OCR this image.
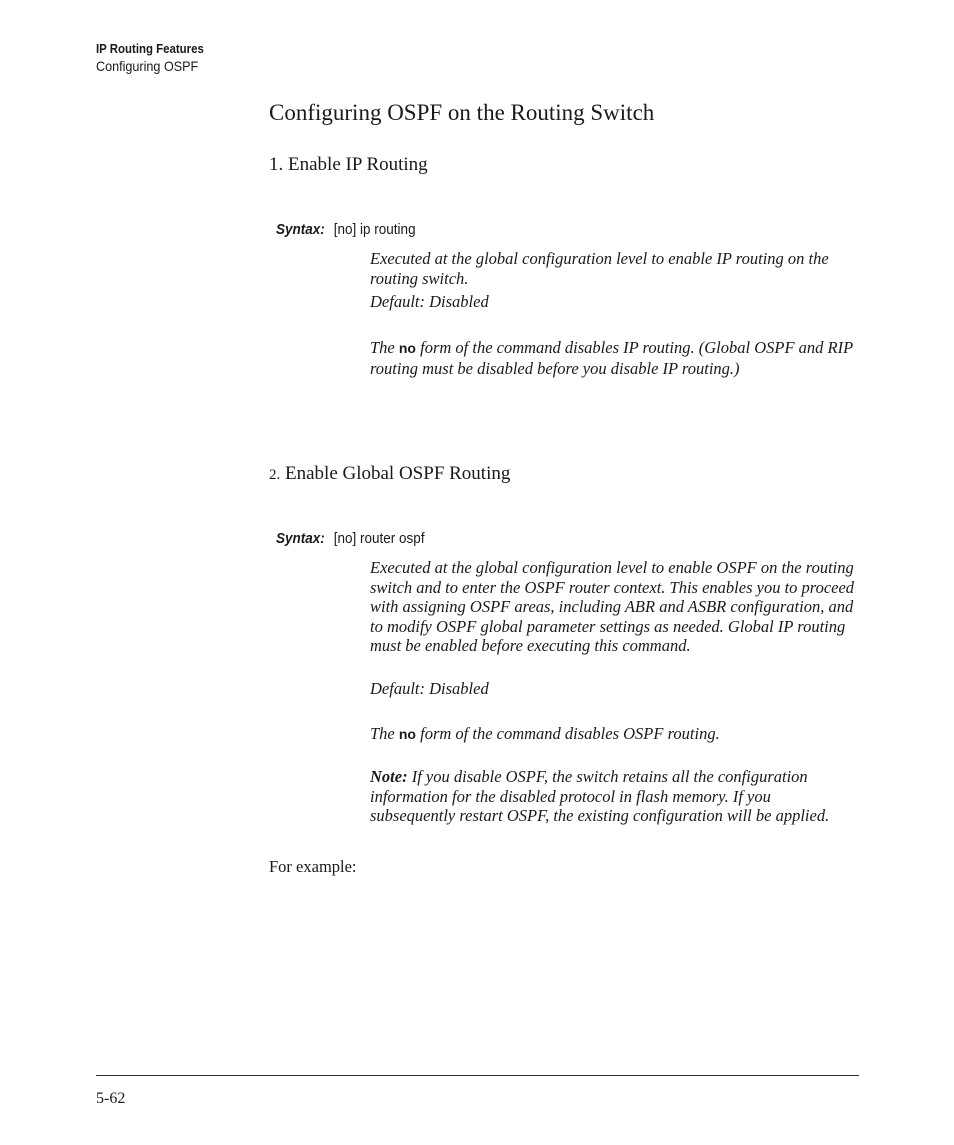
IP Routing Features
Configuring OSPF
Configuring OSPF on the Routing Switch
1. Enable IP Routing
Syntax: [no] ip routing
Executed at the global configuration level to enable IP routing on the routing switch.
Default: Disabled
The no form of the command disables IP routing. (Global OSPF and RIP routing must be disabled before you disable IP routing.)
2. Enable Global OSPF Routing
Syntax: [no] router ospf
Executed at the global configuration level to enable OSPF on the routing switch and to enter the OSPF router context. This enables you to proceed with assigning OSPF areas, including ABR and ASBR configuration, and to modify OSPF global parameter settings as needed. Global IP routing must be enabled before executing this command.
Default: Disabled
The no form of the command disables OSPF routing.
Note: If you disable OSPF, the switch retains all the configuration information for the disabled protocol in flash memory. If you subsequently restart OSPF, the existing configuration will be applied.
For example:
5-62
